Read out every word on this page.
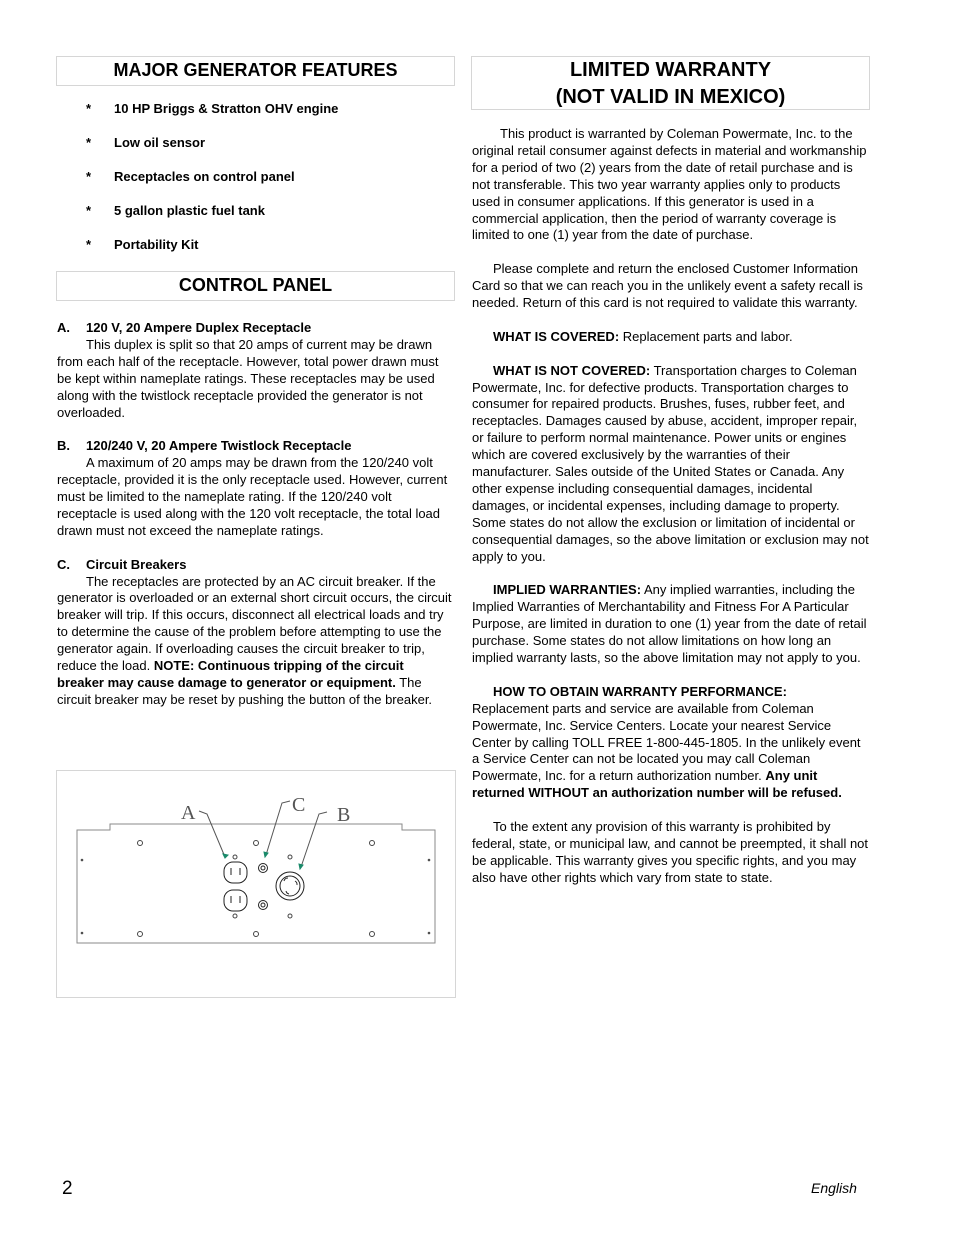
MAJOR GENERATOR FEATURES
*	10 HP Briggs & Stratton OHV engine
*	Low oil sensor
*	Receptacles on control panel
*	5 gallon plastic fuel tank
*	Portability Kit
CONTROL PANEL
A.	120 V, 20 Ampere Duplex Receptacle

This duplex is split so that 20 amps of current may be drawn from each half of the receptacle. However, total power drawn must be kept within nameplate ratings. These receptacles may be used along with the twistlock receptacle provided the generator is not overloaded.

B.	120/240 V, 20 Ampere Twistlock Receptacle

A maximum of 20 amps may be drawn from the 120/240 volt receptacle, provided it is the only receptacle used. However, current must be limited to the nameplate rating. If the 120/240 volt receptacle is used along with the 120 volt receptacle, the total load drawn must not exceed the nameplate ratings.

C.	Circuit Breakers

The receptacles are protected by an AC circuit breaker. If the generator is overloaded or an external short circuit occurs, the circuit breaker will trip. If this occurs, disconnect all electrical loads and try to determine the cause of the problem before attempting to use the generator again. If overloading causes the circuit breaker to trip, reduce the load. NOTE: Continuous tripping of the circuit breaker may cause damage to generator or equipment. The circuit breaker may be reset by pushing the button of the breaker.

A	C B
LIMITED WARRANTY
(NOT VALID IN MEXICO)

This product is warranted by Coleman Powermate, Inc. to the original retail consumer against defects in material and workmanship for a period of two (2) years from the date of retail purchase and is not transferable. This two year warranty applies only to products used in consumer applications. If this generator is used in a commercial application, then the period of warranty coverage is limited to one (1) year from the date of purchase.

Please complete and return the enclosed Customer Information Card so that we can reach you in the unlikely event a safety recall is needed. Return of this card is not required to validate this warranty.

WHAT IS COVERED: Replacement parts and labor.

WHAT IS NOT COVERED: Transportation charges to Coleman Powermate, Inc. for defective products. Transportation charges to consumer for repaired products. Brushes, fuses, rubber feet, and receptacles. Damages caused by abuse, accident, improper repair, or failure to perform normal maintenance. Power units or engines which are covered exclusively by the warranties of their manufacturer. Sales outside of the United States or Canada. Any other expense including consequential damages, incidental damages, or incidental expenses, including damage to property. Some states do not allow the exclusion or limitation of incidental or consequential damages, so the above limitation or exclusion may not apply to you.

IMPLIED WARRANTIES: Any implied warranties, including the Implied Warranties of Merchantability and Fitness For A Particular Purpose, are limited in duration to one (1) year from the date of retail purchase. Some states do not allow limitations on how long an implied warranty lasts, so the above limitation may not apply to you.

HOW TO OBTAIN WARRANTY PERFORMANCE:

Replacement parts and service are available from Coleman Powermate, Inc. Service Centers. Locate your nearest Service Center by calling TOLL FREE 1-800-445-1805. In the unlikely event a Service Center can not be located you may call Coleman Powermate, Inc. for a return authorization number. Any unit returned WITHOUT an authorization number will be refused.

To the extent any provision of this warranty is prohibited by federal, state, or municipal law, and cannot be preempted, it shall not be applicable. This warranty gives you specific rights, and you may also have other rights which vary from state to state.

2	English
